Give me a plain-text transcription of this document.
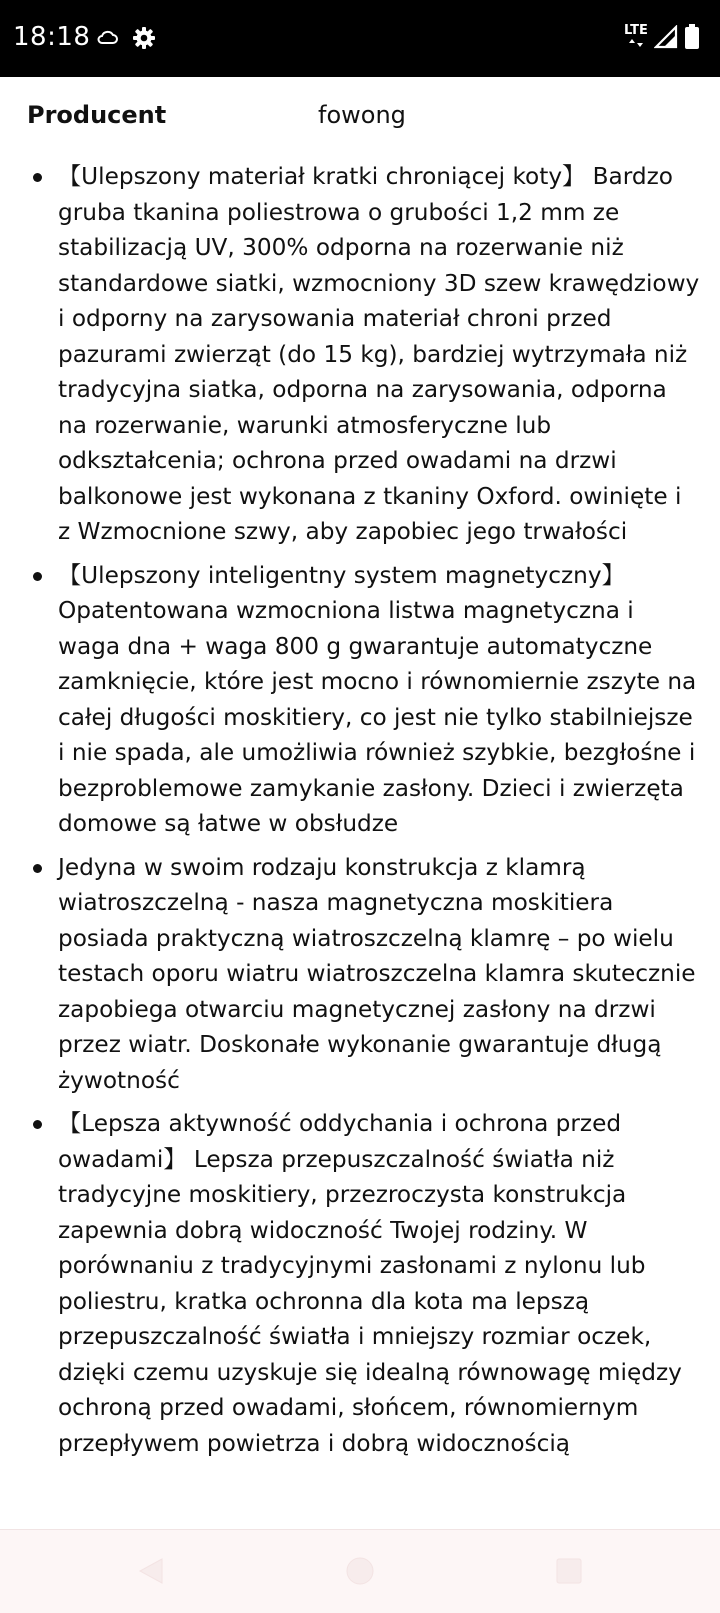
18:18	LTE
Producent	fowong
【Ulepszony materiał kratki chroniącej koty】 Bardzo gruba tkanina poliestrowa o grubości 1,2 mm ze stabilizacją UV, 300% odporna na rozerwanie niż standardowe siatki, wzmocniony 3D szew krawędziowy i odporny na zarysowania materiał chroni przed pazurami zwierząt (do 15 kg), bardziej wytrzymała niż tradycyjna siatka, odporna na zarysowania, odporna na rozerwanie, warunki atmosferyczne lub odkształcenia; ochrona przed owadami na drzwi balkonowe jest wykonana z tkaniny Oxford. owinięte i z Wzmocnione szwy, aby zapobiec jego trwałości
【Ulepszony inteligentny system magnetyczny】 Opatentowana wzmocniona listwa magnetyczna i waga dna + waga 800 g gwarantuje automatyczne zamknięcie, które jest mocno i równomiernie zszyte na całej długości moskitiery, co jest nie tylko stabilniejsze i nie spada, ale umożliwia również szybkie, bezgłośne i bezproblemowe zamykanie zasłony. Dzieci i zwierzęta domowe są łatwe w obsłudze
Jedyna w swoim rodzaju konstrukcja z klamrą wiatroszczelną - nasza magnetyczna moskitiera posiada praktyczną wiatroszczelną klamrę – po wielu testach oporu wiatru wiatroszczelna klamra skutecznie zapobiega otwarciu magnetycznej zasłony na drzwi przez wiatr. Doskonałe wykonanie gwarantuje długą żywotność
【Lepsza aktywność oddychania i ochrona przed owadami】 Lepsza przepuszczalność światła niż tradycyjne moskitiery, przezroczysta konstrukcja zapewnia dobrą widoczność Twojej rodziny. W porównaniu z tradycyjnymi zasłonami z nylonu lub poliestru, kratka ochronna dla kota ma lepszą przepuszczalność światła i mniejszy rozmiar oczek, dzięki czemu uzyskuje się idealną równowagę między ochroną przed owadami, słońcem, równomiernym przepływem powietrza i dobrą widocznością
